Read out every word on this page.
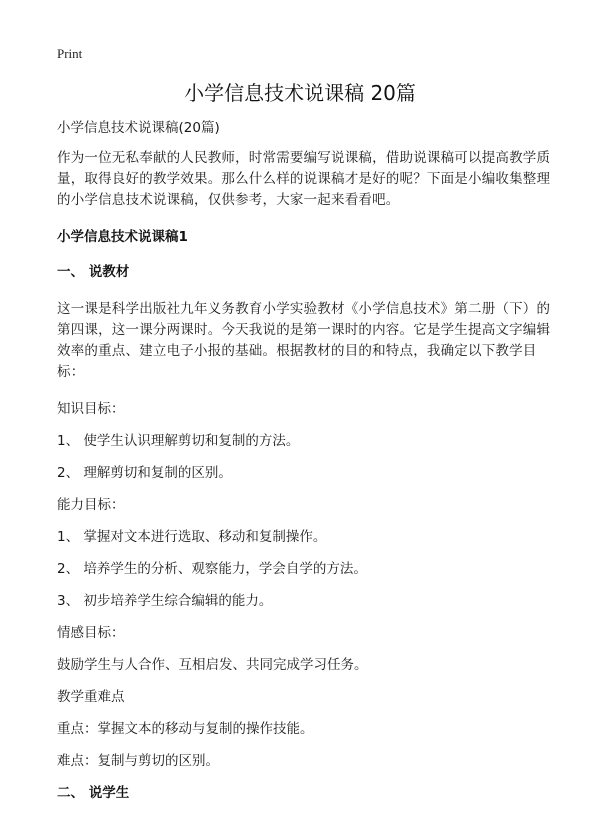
Print
小学信息技术说课稿 20篇

小学信息技术说课稿(20篇)

作为一位无私奉献的人民教师，时常需要编写说课稿，借助说课稿可以提高教学质量，取得良好的教学效果。那么什么样的说课稿才是好的呢？下面是小编收集整理的小学信息技术说课稿，仅供参考，大家一起来看看吧。

小学信息技术说课稿1

一、 说教材

这一课是科学出版社九年义务教育小学实验教材《小学信息技术》第二册（下）的第四课，这一课分两课时。今天我说的是第一课时的内容。它是学生提高文字编辑效率的重点、建立电子小报的基础。根据教材的目的和特点，我确定以下教学目标：

知识目标：

1、 使学生认识理解剪切和复制的方法。

2、 理解剪切和复制的区别。

能力目标：

1、 掌握对文本进行选取、移动和复制操作。

2、 培养学生的分析、观察能力，学会自学的方法。

3、 初步培养学生综合编辑的能力。

情感目标：

鼓励学生与人合作、互相启发、共同完成学习任务。

教学重难点

重点：掌握文本的移动与复制的操作技能。

难点：复制与剪切的区别。

二、 说学生
